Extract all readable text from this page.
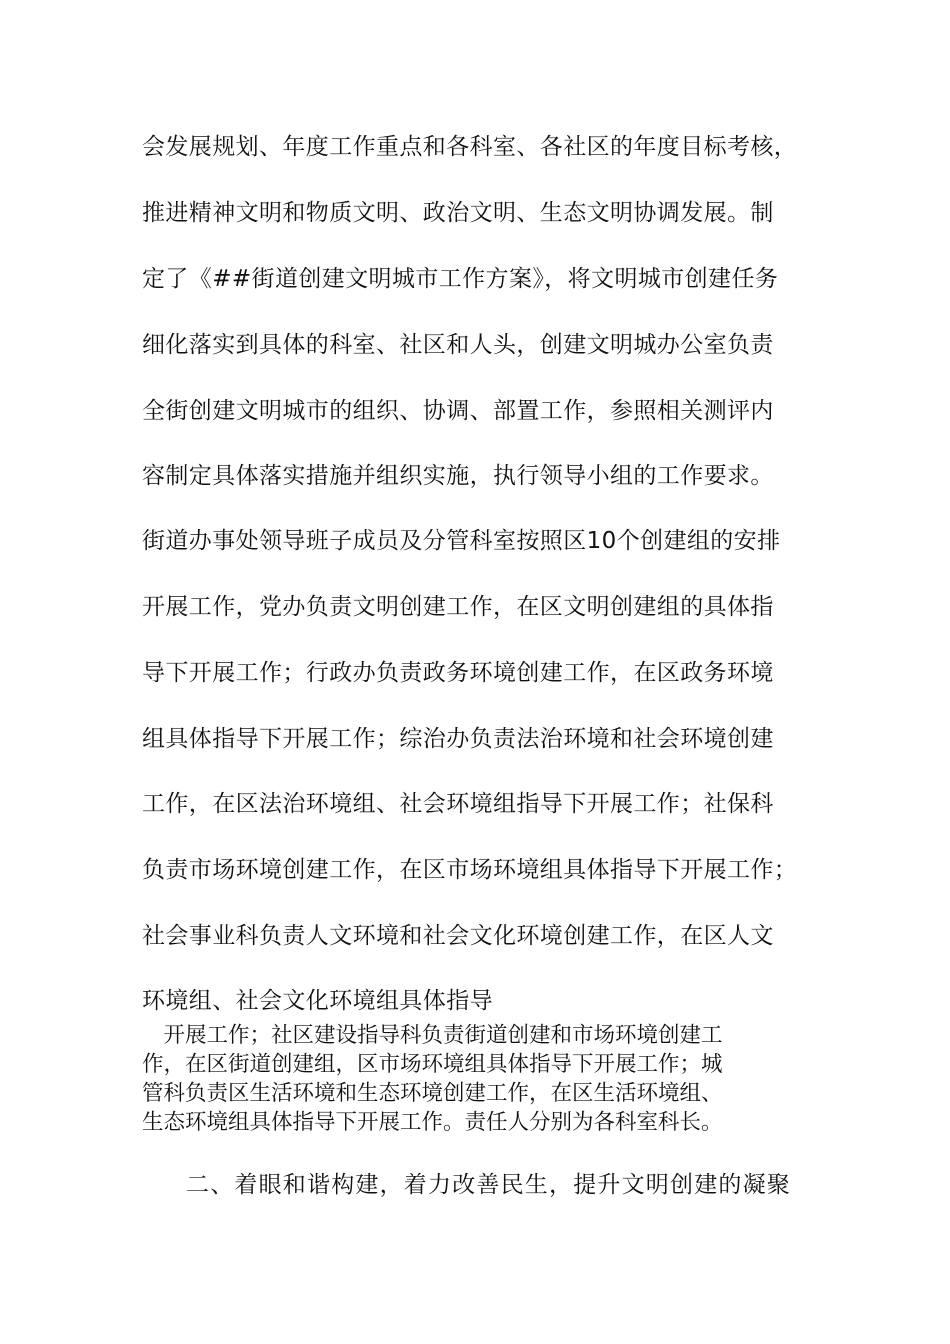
会发展规划、年度工作重点和各科室、各社区的年度目标考核，
推进精神文明和物质文明、政治文明、生态文明协调发展。制
定了《##街道创建文明城市工作方案》，将文明城市创建任务
细化落实到具体的科室、社区和人头，创建文明城办公室负责
全街创建文明城市的组织、协调、部置工作，参照相关测评内
容制定具体落实措施并组织实施，执行领导小组的工作要求。
街道办事处领导班子成员及分管科室按照区10个创建组的安排
开展工作，党办负责文明创建工作，在区文明创建组的具体指
导下开展工作；行政办负责政务环境创建工作，在区政务环境
组具体指导下开展工作；综治办负责法治环境和社会环境创建
工作，在区法治环境组、社会环境组指导下开展工作；社保科
负责市场环境创建工作，在区市场环境组具体指导下开展工作；
社会事业科负责人文环境和社会文化环境创建工作，在区人文
环境组、社会文化环境组具体指导
　开展工作；社区建设指导科负责街道创建和市场环境创建工
作，在区街道创建组，区市场环境组具体指导下开展工作；城
管科负责区生活环境和生态环境创建工作，在区生活环境组、
生态环境组具体指导下开展工作。责任人分别为各科室科长。
二、着眼和谐构建，着力改善民生，提升文明创建的凝聚
